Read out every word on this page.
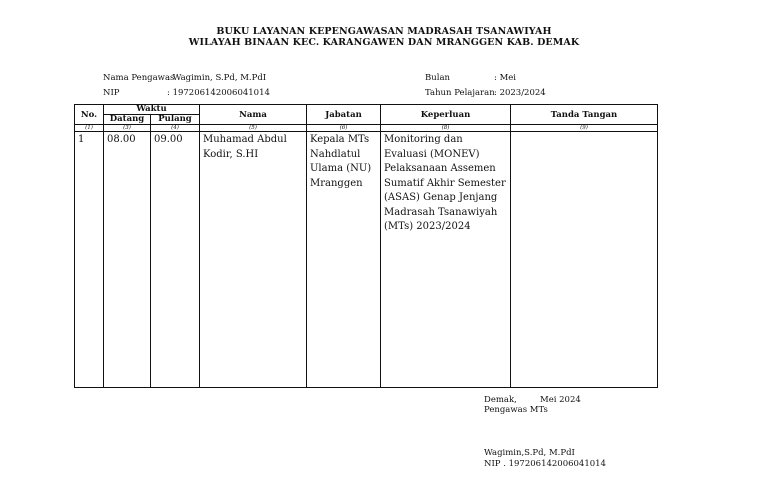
BUKU LAYANAN KEPENGAWASAN MADRASAH TSANAWIYAH
WILAYAH BINAAN KEC. KARANGAWEN DAN MRANGGEN KAB. DEMAK
Nama Pengawas
: Wagimin, S.Pd, M.PdI
NIP	: 197206142006041014
Bulan	: Mei
Tahun Pelajaran : 2023/2024
No.	Waktu		Nama	Jabatan	Keperluan	Tanda Tangan
	Datang	Pulang				
(1)	(3)	(4)	(5)	(6)	(8)	(9)
1	08.00	09.00	Muhamad Abdul Kodir, S.HI	Kepala MTs Nahdlatul Ulama (NU) Mranggen	Monitoring dan Evaluasi (MONEV) Pelaksanaan Assemen Sumatif Akhir Semester (ASAS) Genap Jenjang Madrasah Tsanawiyah (MTs) 2023/2024	
Demak,	Mei 2024
Pengawas MTs
Wagimin,S.Pd, M.PdI
NIP . 197206142006041014
